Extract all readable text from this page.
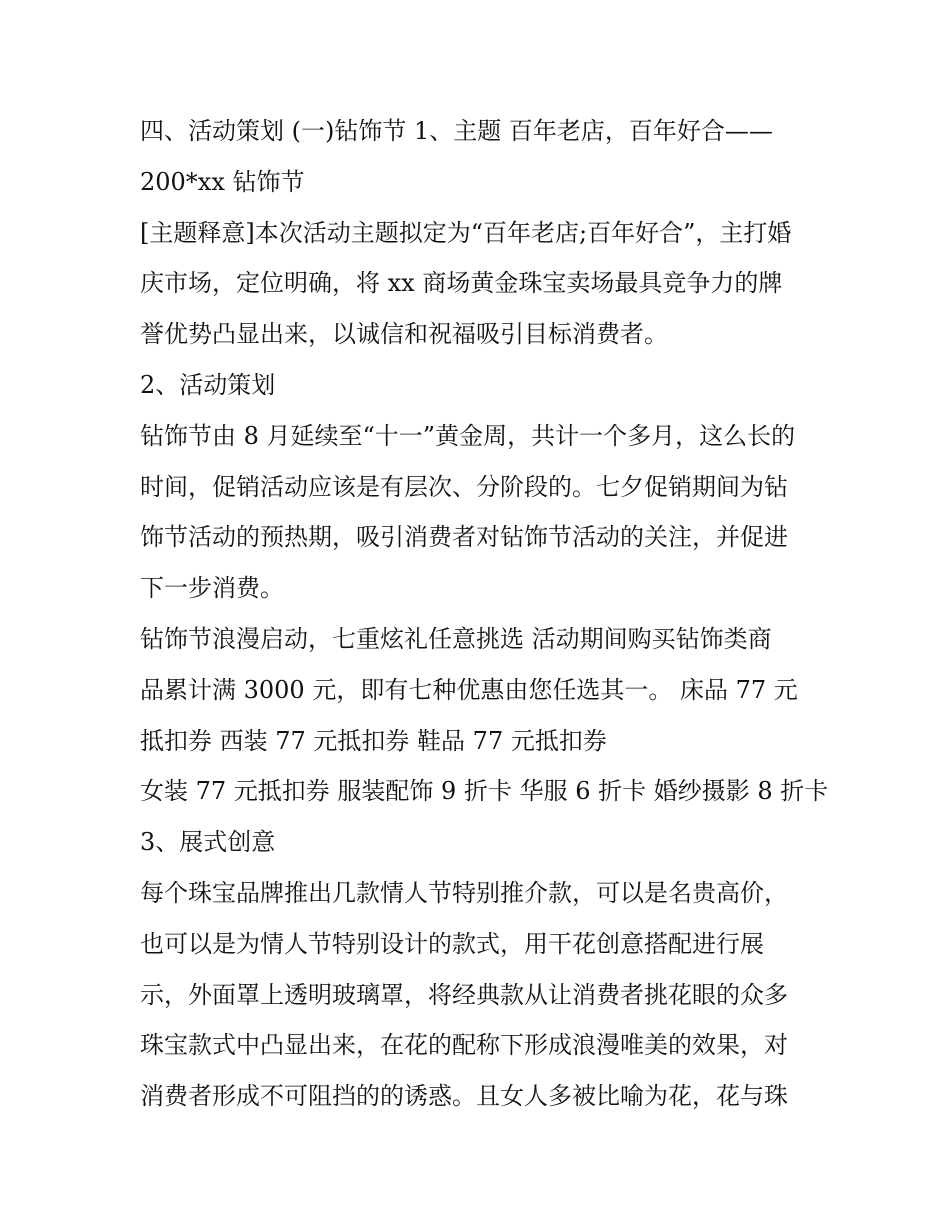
四、活动策划 (一)钻饰节 1、主题 百年老店，百年好合——
200*xx 钻饰节
[主题释意]本次活动主题拟定为“百年老店;百年好合”，主打婚
庆市场，定位明确，将 xx 商场黄金珠宝卖场最具竞争力的牌
誉优势凸显出来，以诚信和祝福吸引目标消费者。
2、活动策划
钻饰节由 8 月延续至“十一”黄金周，共计一个多月，这么长的
时间，促销活动应该是有层次、分阶段的。七夕促销期间为钻
饰节活动的预热期，吸引消费者对钻饰节活动的关注，并促进
下一步消费。
钻饰节浪漫启动，七重炫礼任意挑选 活动期间购买钻饰类商
品累计满 3000 元，即有七种优惠由您任选其一。 床品 77 元
抵扣券 西装 77 元抵扣券 鞋品 77 元抵扣券
女装 77 元抵扣券 服装配饰 9 折卡 华服 6 折卡 婚纱摄影 8 折卡
3、展式创意
每个珠宝品牌推出几款情人节特别推介款，可以是名贵高价，
也可以是为情人节特别设计的款式，用干花创意搭配进行展
示，外面罩上透明玻璃罩，将经典款从让消费者挑花眼的众多
珠宝款式中凸显出来，在花的配称下形成浪漫唯美的效果，对
消费者形成不可阻挡的的诱惑。且女人多被比喻为花，花与珠
